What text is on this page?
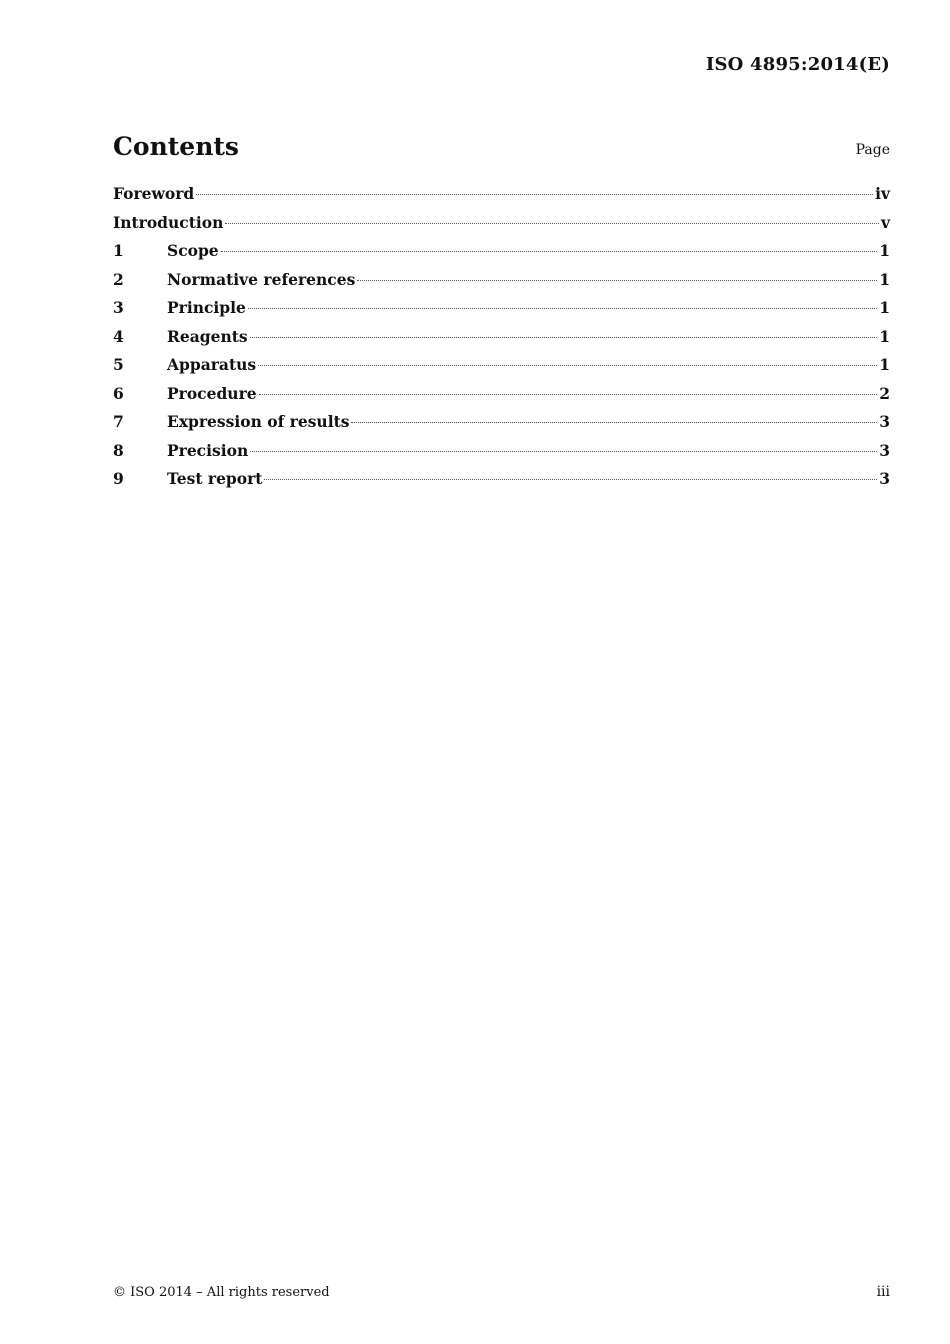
ISO 4895:2014(E)
Contents	Page
Foreword	iv
Introduction	v
1	Scope	1
2	Normative references	1
3	Principle	1
4	Reagents	1
5	Apparatus	1
6	Procedure	2
7	Expression of results	3
8	Precision	3
9	Test report	3
© ISO 2014 – All rights reserved	iii
